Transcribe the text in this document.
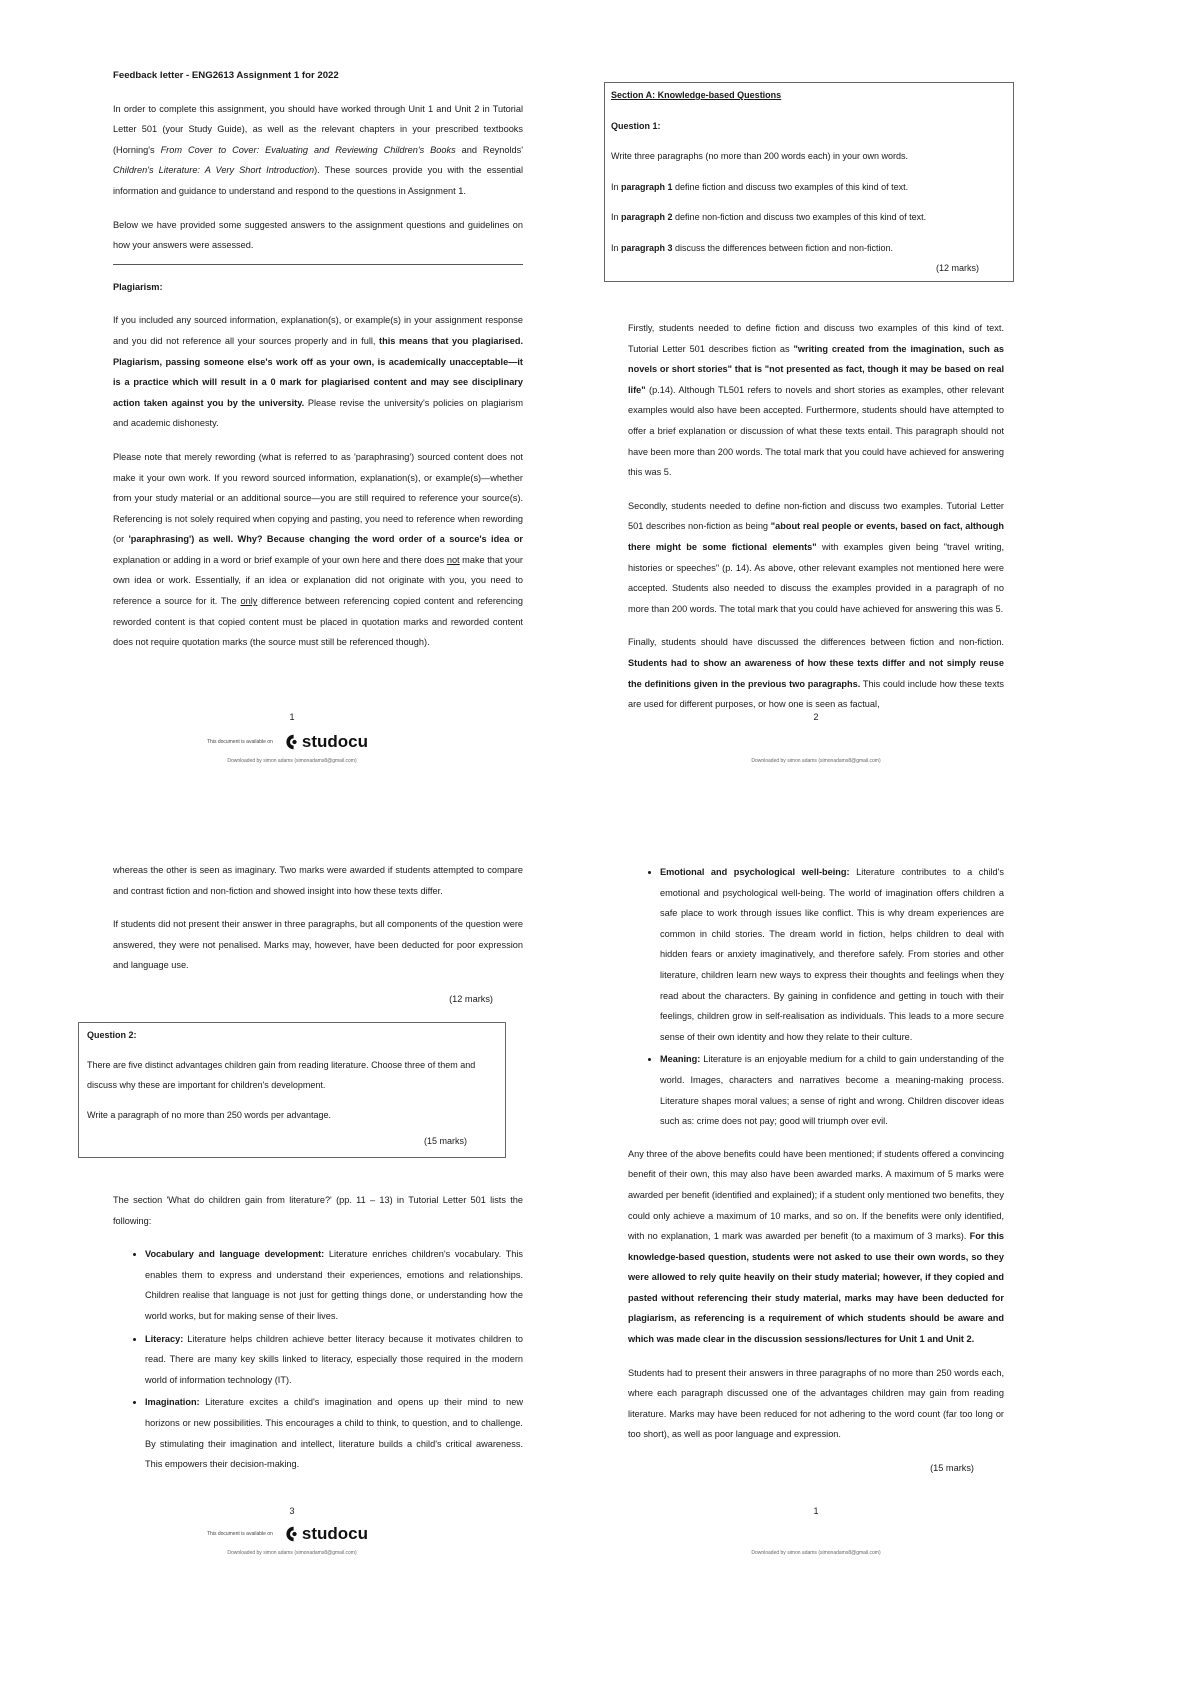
Feedback letter - ENG2613 Assignment 1 for 2022

In order to complete this assignment, you should have worked through Unit 1 and Unit 2 in Tutorial Letter 501 (your Study Guide), as well as the relevant chapters in your prescribed textbooks (Horning's From Cover to Cover: Evaluating and Reviewing Children's Books and Reynolds' Children's Literature: A Very Short Introduction). These sources provide you with the essential information and guidance to understand and respond to the questions in Assignment 1.

Below we have provided some suggested answers to the assignment questions and guidelines on how your answers were assessed.

Plagiarism:

If you included any sourced information, explanation(s), or example(s) in your assignment response and you did not reference all your sources properly and in full, this means that you plagiarised. Plagiarism, passing someone else's work off as your own, is academically unacceptable—it is a practice which will result in a 0 mark for plagiarised content and may see disciplinary action taken against you by the university. Please revise the university's policies on plagiarism and academic dishonesty.

Please note that merely rewording (what is referred to as 'paraphrasing') sourced content does not make it your own work. If you reword sourced information, explanation(s), or example(s)—whether from your study material or an additional source—you are still required to reference your source(s). Referencing is not solely required when copying and pasting, you need to reference when rewording (or 'paraphrasing') as well. Why? Because changing the word order of a source's idea or explanation or adding in a word or brief example of your own here and there does not make that your own idea or work. Essentially, if an idea or explanation did not originate with you, you need to reference a source for it. The only difference between referencing copied content and referencing reworded content is that copied content must be placed in quotation marks and reworded content does not require quotation marks (the source must still be referenced though).

1
This document is available on studocu
Downloaded by simon adams (simonadams8@gmail.com)

Section A: Knowledge-based Questions

Question 1:

Write three paragraphs (no more than 200 words each) in your own words.

In paragraph 1 define fiction and discuss two examples of this kind of text.

In paragraph 2 define non-fiction and discuss two examples of this kind of text.

In paragraph 3 discuss the differences between fiction and non-fiction.

(12 marks)

Firstly, students needed to define fiction and discuss two examples of this kind of text. Tutorial Letter 501 describes fiction as "writing created from the imagination, such as novels or short stories" that is "not presented as fact, though it may be based on real life" (p.14). Although TL501 refers to novels and short stories as examples, other relevant examples would also have been accepted. Furthermore, students should have attempted to offer a brief explanation or discussion of what these texts entail. This paragraph should not have been more than 200 words. The total mark that you could have achieved for answering this was 5.

Secondly, students needed to define non-fiction and discuss two examples. Tutorial Letter 501 describes non-fiction as being "about real people or events, based on fact, although there might be some fictional elements" with examples given being "travel writing, histories or speeches" (p. 14). As above, other relevant examples not mentioned here were accepted. Students also needed to discuss the examples provided in a paragraph of no more than 200 words. The total mark that you could have achieved for answering this was 5.

Finally, students should have discussed the differences between fiction and non-fiction. Students had to show an awareness of how these texts differ and not simply reuse the definitions given in the previous two paragraphs. This could include how these texts are used for different purposes, or how one is seen as factual,

2
Downloaded by simon adams (simonadams8@gmail.com)

whereas the other is seen as imaginary. Two marks were awarded if students attempted to compare and contrast fiction and non-fiction and showed insight into how these texts differ.

If students did not present their answer in three paragraphs, but all components of the question were answered, they were not penalised. Marks may, however, have been deducted for poor expression and language use.

(12 marks)

Question 2:

There are five distinct advantages children gain from reading literature. Choose three of them and discuss why these are important for children's development.

Write a paragraph of no more than 250 words per advantage.

(15 marks)

The section 'What do children gain from literature?' (pp. 11 – 13) in Tutorial Letter 501 lists the following:

• Vocabulary and language development: Literature enriches children's vocabulary. This enables them to express and understand their experiences, emotions and relationships. Children realise that language is not just for getting things done, or understanding how the world works, but for making sense of their lives.
• Literacy: Literature helps children achieve better literacy because it motivates children to read. There are many key skills linked to literacy, especially those required in the modern world of information technology (IT).
• Imagination: Literature excites a child's imagination and opens up their mind to new horizons or new possibilities. This encourages a child to think, to question, and to challenge. By stimulating their imagination and intellect, literature builds a child's critical awareness. This empowers their decision-making.
3
This document is available on studocu
Downloaded by simon adams (simonadams8@gmail.com)
• Emotional and psychological well-being: Literature contributes to a child's emotional and psychological well-being. The world of imagination offers children a safe place to work through issues like conflict. This is why dream experiences are common in child stories. The dream world in fiction, helps children to deal with hidden fears or anxiety imaginatively, and therefore safely. From stories and other literature, children learn new ways to express their thoughts and feelings when they read about the characters. By gaining in confidence and getting in touch with their feelings, children grow in self-realisation as individuals. This leads to a more secure sense of their own identity and how they relate to their culture.
• Meaning: Literature is an enjoyable medium for a child to gain understanding of the world. Images, characters and narratives become a meaning-making process. Literature shapes moral values; a sense of right and wrong. Children discover ideas such as: crime does not pay; good will triumph over evil.

Any three of the above benefits could have been mentioned; if students offered a convincing benefit of their own, this may also have been awarded marks. A maximum of 5 marks were awarded per benefit (identified and explained); if a student only mentioned two benefits, they could only achieve a maximum of 10 marks, and so on. If the benefits were only identified, with no explanation, 1 mark was awarded per benefit (to a maximum of 3 marks). For this knowledge-based question, students were not asked to use their own words, so they were allowed to rely quite heavily on their study material; however, if they copied and pasted without referencing their study material, marks may have been deducted for plagiarism, as referencing is a requirement of which students should be aware and which was made clear in the discussion sessions/lectures for Unit 1 and Unit 2.

Students had to present their answers in three paragraphs of no more than 250 words each, where each paragraph discussed one of the advantages children may gain from reading literature. Marks may have been reduced for not adhering to the word count (far too long or too short), as well as poor language and expression.

(15 marks)

1
Downloaded by simon adams (simonadams8@gmail.com)
